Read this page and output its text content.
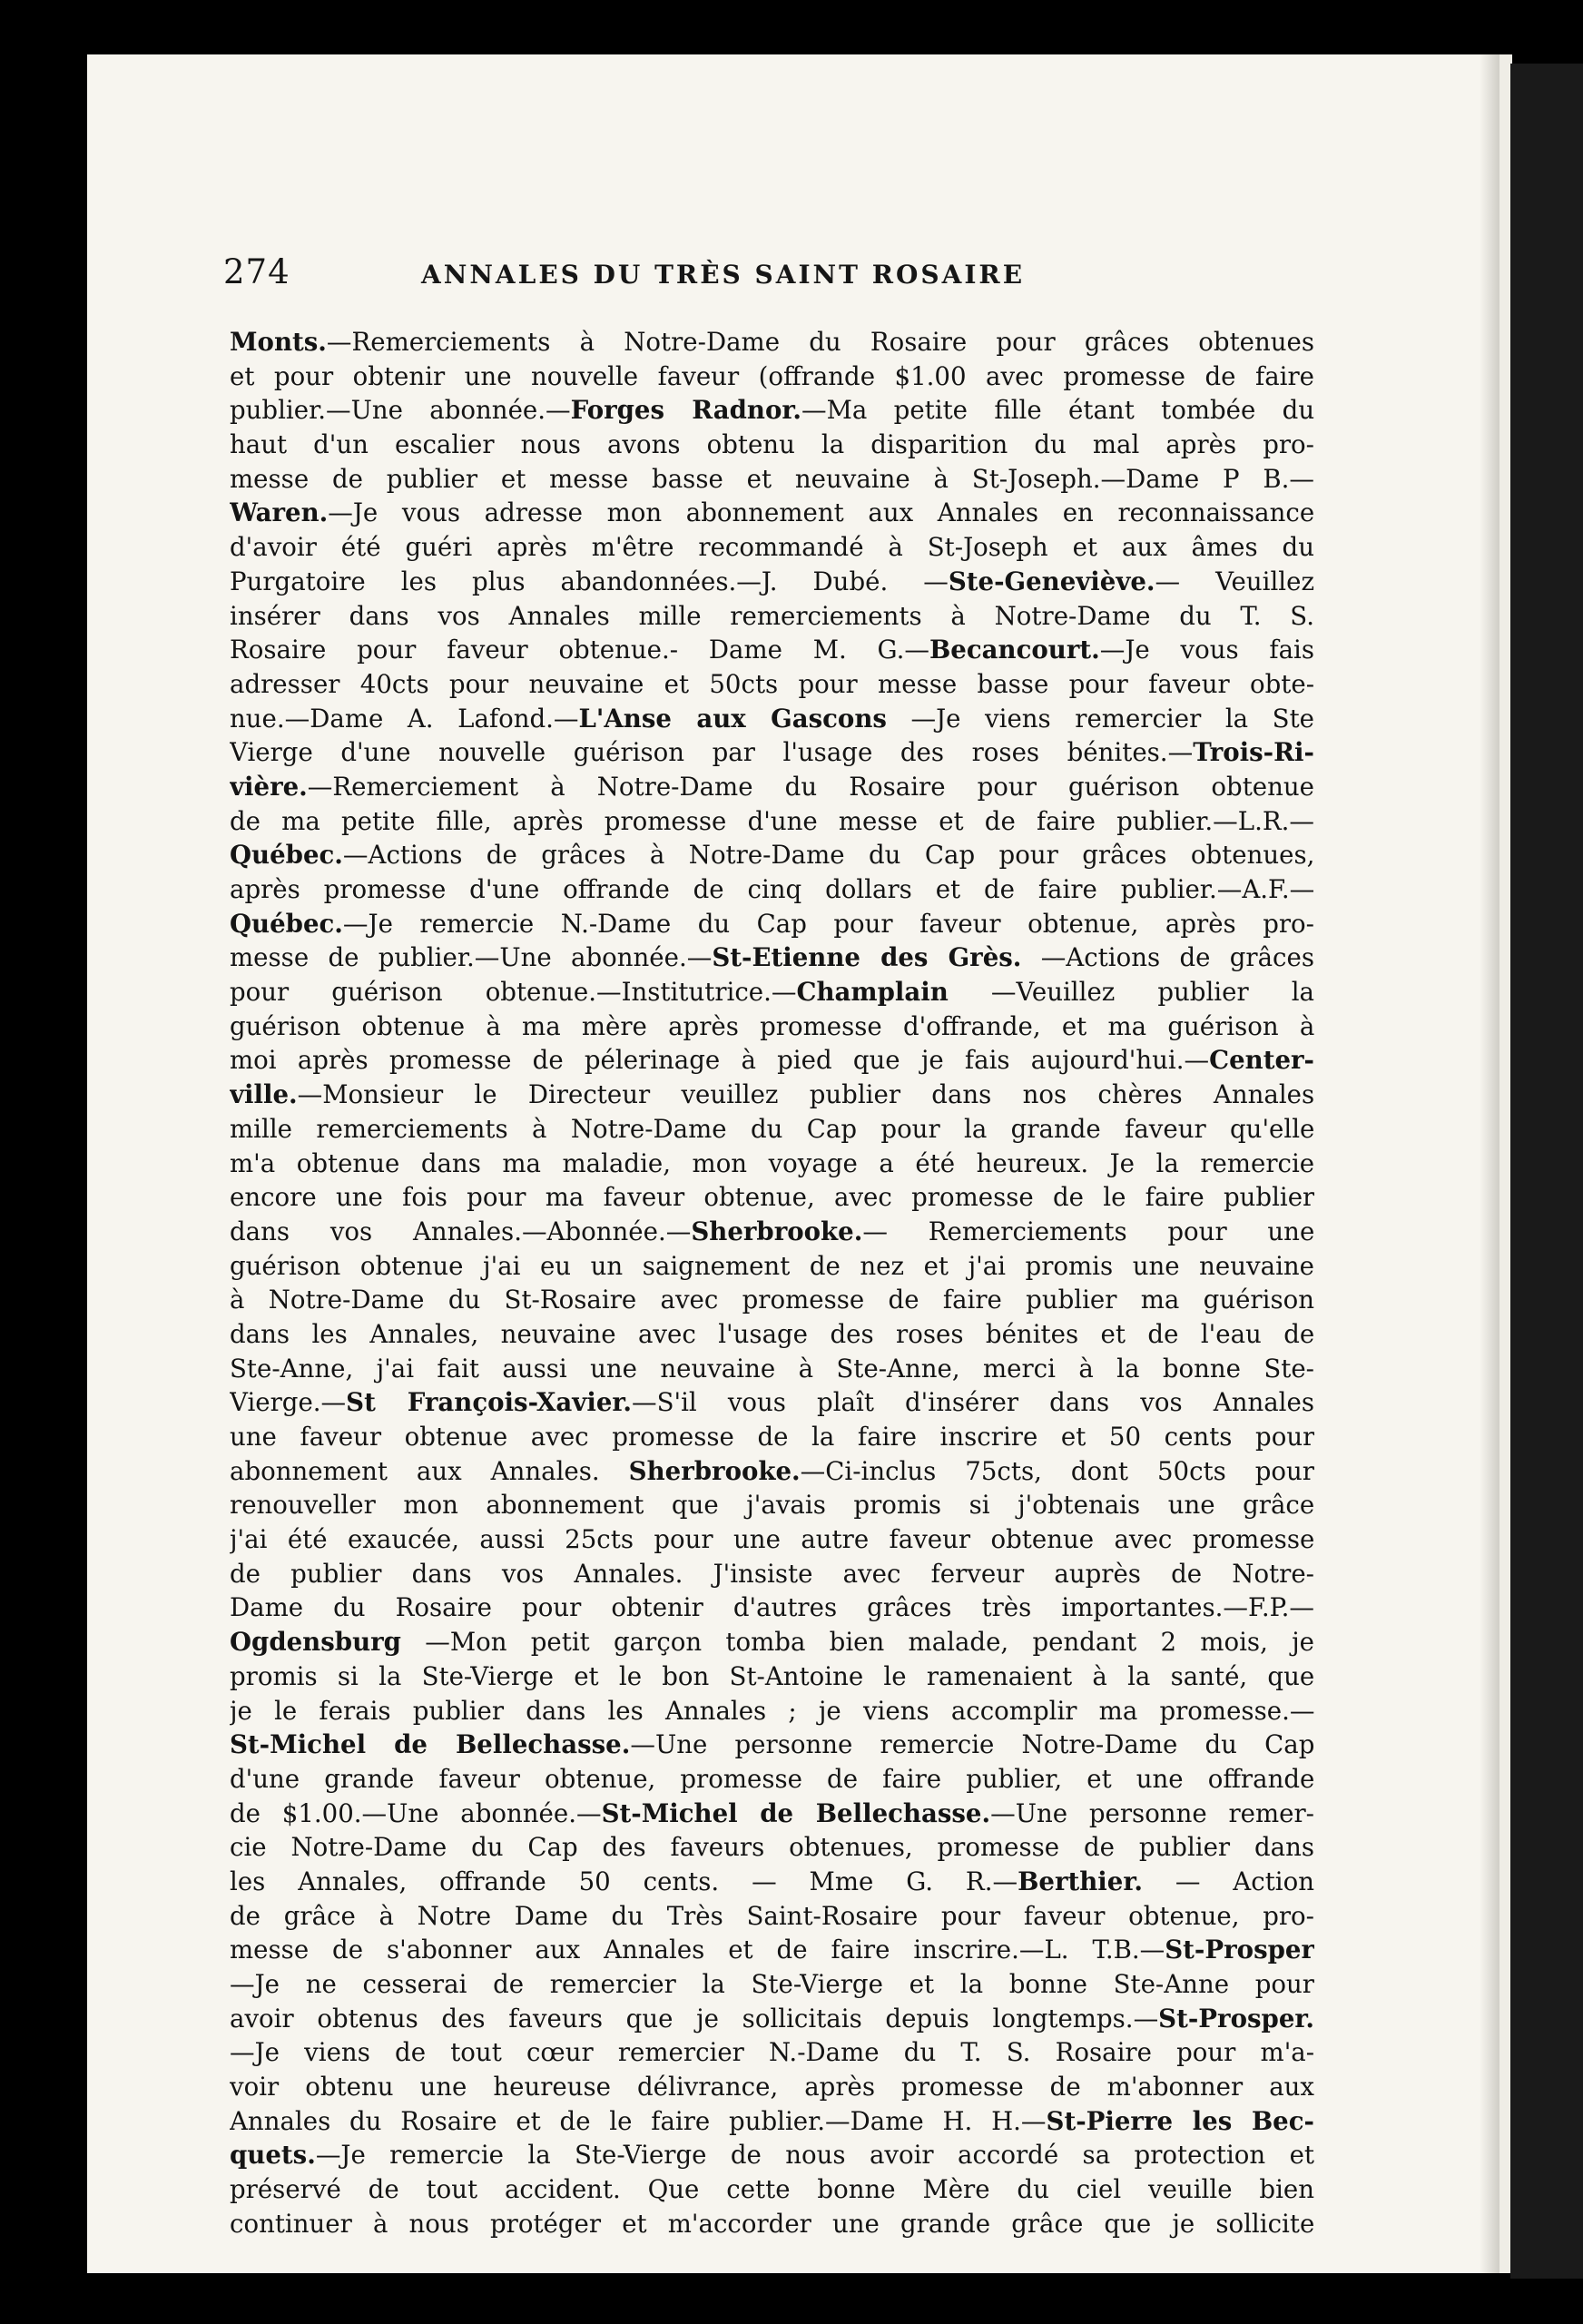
274	ANNALES DU TRÈS SAINT ROSAIRE
Monts.—Remerciements à Notre-Dame du Rosaire pour grâces obtenues
et pour obtenir une nouvelle faveur (offrande $1.00 avec promesse de faire
publier.—Une abonnée.—Forges Radnor.—Ma petite fille étant tombée du
haut d'un escalier nous avons obtenu la disparition du mal après pro-
messe de publier et messe basse et neuvaine à St-Joseph.—Dame P B.—
Waren.—Je vous adresse mon abonnement aux Annales en reconnaissance
d'avoir été guéri après m'être recommandé à St-Joseph et aux âmes du
Purgatoire les plus abandonnées.—J. Dubé. —Ste-Geneviève.— Veuillez
insérer dans vos Annales mille remerciements à Notre-Dame du T. S.
Rosaire pour faveur obtenue.- Dame M. G.—Becancourt.—Je vous fais
adresser 40cts pour neuvaine et 50cts pour messe basse pour faveur obte-
nue.—Dame A. Lafond.—L'Anse aux Gascons —Je viens remercier la Ste
Vierge d'une nouvelle guérison par l'usage des roses bénites.—Trois-Ri-
vière.—Remerciement à Notre-Dame du Rosaire pour guérison obtenue
de ma petite fille, après promesse d'une messe et de faire publier.—L.R.—
Québec.—Actions de grâces à Notre-Dame du Cap pour grâces obtenues,
après promesse d'une offrande de cinq dollars et de faire publier.—A.F.—
Québec.—Je remercie N.-Dame du Cap pour faveur obtenue, après pro-
messe de publier.—Une abonnée.—St-Etienne des Grès. —Actions de grâces
pour guérison obtenue.—Institutrice.—Champlain —Veuillez publier la
guérison obtenue à ma mère après promesse d'offrande, et ma guérison à
moi après promesse de pélerinage à pied que je fais aujourd'hui.—Center-
ville.—Monsieur le Directeur veuillez publier dans nos chères Annales
mille remerciements à Notre-Dame du Cap pour la grande faveur qu'elle
m'a obtenue dans ma maladie, mon voyage a été heureux. Je la remercie
encore une fois pour ma faveur obtenue, avec promesse de le faire publier
dans vos Annales.—Abonnée.—Sherbrooke.— Remerciements pour une
guérison obtenue j'ai eu un saignement de nez et j'ai promis une neuvaine
à Notre-Dame du St-Rosaire avec promesse de faire publier ma guérison
dans les Annales, neuvaine avec l'usage des roses bénites et de l'eau de
Ste-Anne, j'ai fait aussi une neuvaine à Ste-Anne, merci à la bonne Ste-
Vierge.—St François-Xavier.—S'il vous plaît d'insérer dans vos Annales
une faveur obtenue avec promesse de la faire inscrire et 50 cents pour
abonnement aux Annales. Sherbrooke.—Ci-inclus 75cts, dont 50cts pour
renouveller mon abonnement que j'avais promis si j'obtenais une grâce
j'ai été exaucée, aussi 25cts pour une autre faveur obtenue avec promesse
de publier dans vos Annales. J'insiste avec ferveur auprès de Notre-
Dame du Rosaire pour obtenir d'autres grâces très importantes.—F.P.—
Ogdensburg —Mon petit garçon tomba bien malade, pendant 2 mois, je
promis si la Ste-Vierge et le bon St-Antoine le ramenaient à la santé, que
je le ferais publier dans les Annales ; je viens accomplir ma promesse.—
St-Michel de Bellechasse.—Une personne remercie Notre-Dame du Cap
d'une grande faveur obtenue, promesse de faire publier, et une offrande
de $1.00.—Une abonnée.—St-Michel de Bellechasse.—Une personne remer-
cie Notre-Dame du Cap des faveurs obtenues, promesse de publier dans
les Annales, offrande 50 cents. — Mme G. R.—Berthier. — Action
de grâce à Notre Dame du Très Saint-Rosaire pour faveur obtenue, pro-
messe de s'abonner aux Annales et de faire inscrire.—L. T.B.—St-Prosper
—Je ne cesserai de remercier la Ste-Vierge et la bonne Ste-Anne pour
avoir obtenus des faveurs que je sollicitais depuis longtemps.—St-Prosper.
—Je viens de tout cœur remercier N.-Dame du T. S. Rosaire pour m'a-
voir obtenu une heureuse délivrance, après promesse de m'abonner aux
Annales du Rosaire et de le faire publier.—Dame H. H.—St-Pierre les Bec-
quets.—Je remercie la Ste-Vierge de nous avoir accordé sa protection et
préservé de tout accident. Que cette bonne Mère du ciel veuille bien
continuer à nous protéger et m'accorder une grande grâce que je sollicite
